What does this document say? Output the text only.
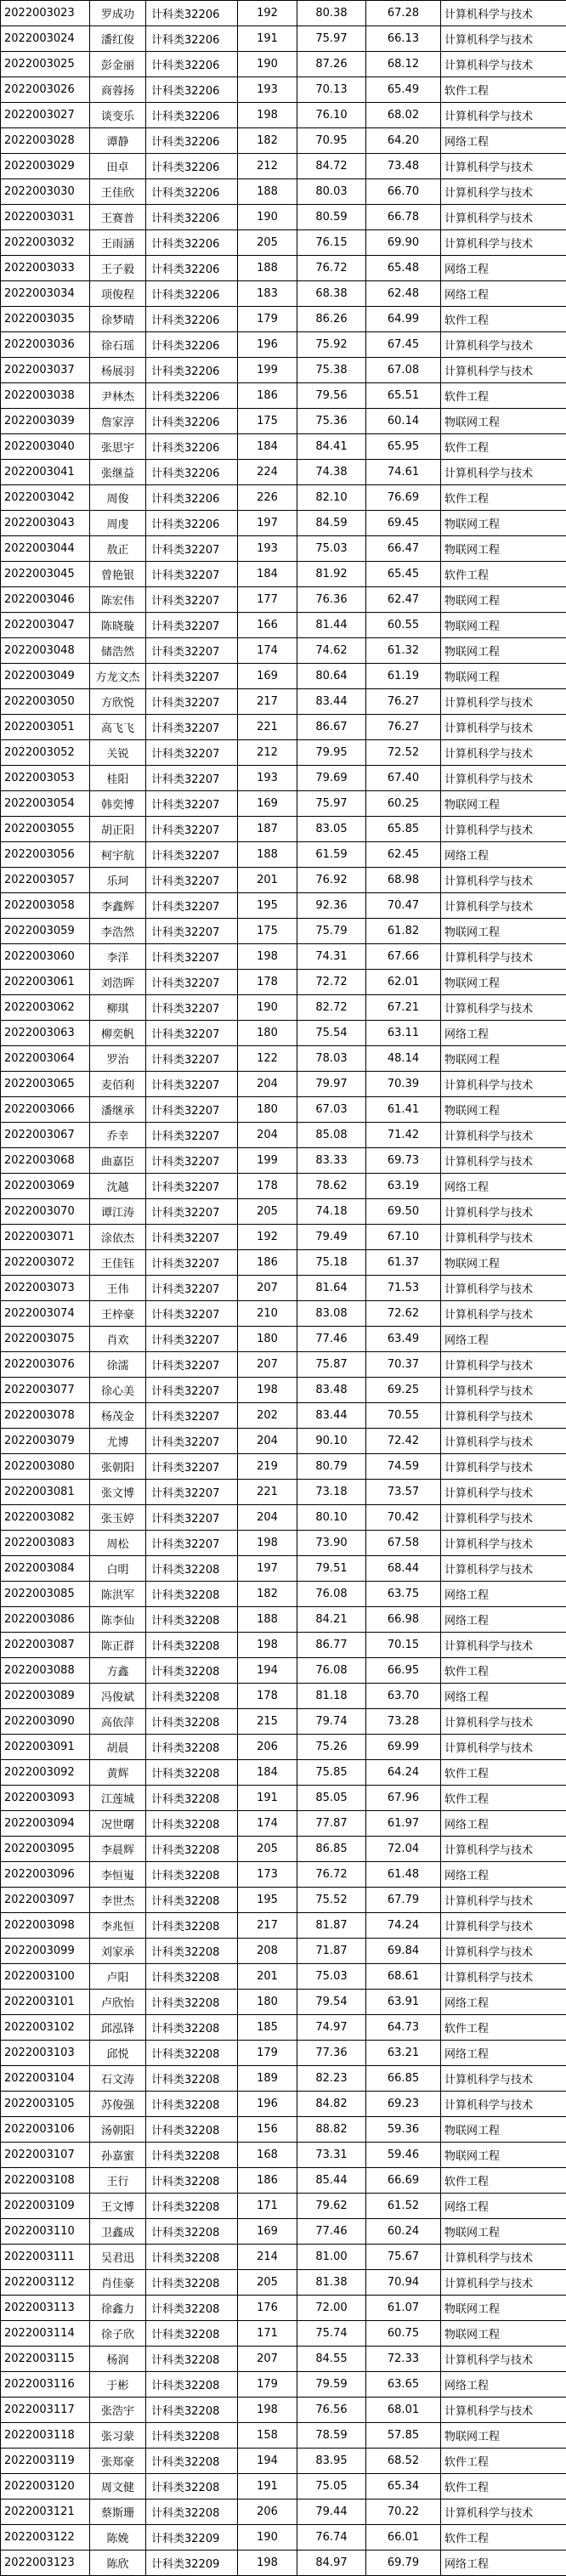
2022003023	罗成功	计科类32206	192	80.38	67.28	计算机科学与技术
2022003024	潘红俊	计科类32206	191	75.97	66.13	计算机科学与技术
2022003025	彭金丽	计科类32206	190	87.26	68.12	计算机科学与技术
2022003026	商蓉扬	计科类32206	193	70.13	65.49	软件工程
2022003027	谈变乐	计科类32206	198	76.10	68.02	计算机科学与技术
2022003028	谭静	计科类32206	182	70.95	64.20	网络工程
2022003029	田卓	计科类32206	212	84.72	73.48	计算机科学与技术
2022003030	王佳欣	计科类32206	188	80.03	66.70	计算机科学与技术
2022003031	王赛普	计科类32206	190	80.59	66.78	计算机科学与技术
2022003032	王雨涵	计科类32206	205	76.15	69.90	计算机科学与技术
2022003033	王子毅	计科类32206	188	76.72	65.48	网络工程
2022003034	项俊程	计科类32206	183	68.38	62.48	网络工程
2022003035	徐梦晴	计科类32206	179	86.26	64.99	软件工程
2022003036	徐石瑶	计科类32206	196	75.92	67.45	计算机科学与技术
2022003037	杨展羽	计科类32206	199	75.38	67.08	计算机科学与技术
2022003038	尹林杰	计科类32206	186	79.56	65.51	软件工程
2022003039	詹家淳	计科类32206	175	75.36	60.14	物联网工程
2022003040	张思宇	计科类32206	184	84.41	65.95	软件工程
2022003041	张继益	计科类32206	224	74.38	74.61	计算机科学与技术
2022003042	周俊	计科类32206	226	82.10	76.69	软件工程
2022003043	周虔	计科类32206	197	84.59	69.45	物联网工程
2022003044	敖正	计科类32207	193	75.03	66.47	物联网工程
2022003045	曾艳银	计科类32207	184	81.92	65.45	软件工程
2022003046	陈宏伟	计科类32207	177	76.36	62.47	物联网工程
2022003047	陈晓璇	计科类32207	166	81.44	60.55	物联网工程
2022003048	储浩然	计科类32207	174	74.62	61.32	物联网工程
2022003049	方龙文杰	计科类32207	169	80.64	61.19	物联网工程
2022003050	方欣悦	计科类32207	217	83.44	76.27	计算机科学与技术
2022003051	高飞飞	计科类32207	221	86.67	76.27	计算机科学与技术
2022003052	关锐	计科类32207	212	79.95	72.52	计算机科学与技术
2022003053	桂阳	计科类32207	193	79.69	67.40	计算机科学与技术
2022003054	韩奕博	计科类32207	169	75.97	60.25	物联网工程
2022003055	胡正阳	计科类32207	187	83.05	65.85	计算机科学与技术
2022003056	柯宇航	计科类32207	188	61.59	62.45	网络工程
2022003057	乐珂	计科类32207	201	76.92	68.98	计算机科学与技术
2022003058	李鑫辉	计科类32207	195	92.36	70.47	计算机科学与技术
2022003059	李浩然	计科类32207	175	75.79	61.82	物联网工程
2022003060	李洋	计科类32207	198	74.31	67.66	计算机科学与技术
2022003061	刘浩晖	计科类32207	178	72.72	62.01	物联网工程
2022003062	柳琪	计科类32207	190	82.72	67.21	计算机科学与技术
2022003063	柳奕帆	计科类32207	180	75.54	63.11	网络工程
2022003064	罗治	计科类32207	122	78.03	48.14	物联网工程
2022003065	麦佰利	计科类32207	204	79.97	70.39	计算机科学与技术
2022003066	潘继承	计科类32207	180	67.03	61.41	物联网工程
2022003067	乔幸	计科类32207	204	85.08	71.42	计算机科学与技术
2022003068	曲嘉臣	计科类32207	199	83.33	69.73	计算机科学与技术
2022003069	沈越	计科类32207	178	78.62	63.19	网络工程
2022003070	谭江涛	计科类32207	205	74.18	69.50	计算机科学与技术
2022003071	涂依杰	计科类32207	192	79.49	67.10	计算机科学与技术
2022003072	王佳钰	计科类32207	186	75.18	61.37	物联网工程
2022003073	王伟	计科类32207	207	81.64	71.53	计算机科学与技术
2022003074	王梓豪	计科类32207	210	83.08	72.62	计算机科学与技术
2022003075	肖欢	计科类32207	180	77.46	63.49	网络工程
2022003076	徐濡	计科类32207	207	75.87	70.37	计算机科学与技术
2022003077	徐心美	计科类32207	198	83.48	69.25	计算机科学与技术
2022003078	杨茂金	计科类32207	202	83.44	70.55	计算机科学与技术
2022003079	尤博	计科类32207	204	90.10	72.42	计算机科学与技术
2022003080	张朝阳	计科类32207	219	80.79	74.59	计算机科学与技术
2022003081	张文博	计科类32207	221	73.18	73.57	计算机科学与技术
2022003082	张玉婷	计科类32207	204	80.10	70.42	计算机科学与技术
2022003083	周松	计科类32207	198	73.90	67.58	计算机科学与技术
2022003084	白明	计科类32208	197	79.51	68.44	计算机科学与技术
2022003085	陈洪军	计科类32208	182	76.08	63.75	网络工程
2022003086	陈李仙	计科类32208	188	84.21	66.98	网络工程
2022003087	陈正群	计科类32208	198	86.77	70.15	计算机科学与技术
2022003088	方鑫	计科类32208	194	76.08	66.95	软件工程
2022003089	冯俊斌	计科类32208	178	81.18	63.70	网络工程
2022003090	高依萍	计科类32208	215	79.74	73.28	计算机科学与技术
2022003091	胡晨	计科类32208	206	75.26	69.99	计算机科学与技术
2022003092	黄辉	计科类32208	184	75.85	64.24	软件工程
2022003093	江莲城	计科类32208	191	85.05	67.96	软件工程
2022003094	况世曙	计科类32208	174	77.87	61.97	网络工程
2022003095	李晨辉	计科类32208	205	86.85	72.04	计算机科学与技术
2022003096	李恒嵬	计科类32208	173	76.72	61.48	网络工程
2022003097	李世杰	计科类32208	195	75.52	67.79	计算机科学与技术
2022003098	李兆恒	计科类32208	217	81.87	74.24	计算机科学与技术
2022003099	刘家承	计科类32208	208	71.87	69.84	计算机科学与技术
2022003100	卢阳	计科类32208	201	75.03	68.61	计算机科学与技术
2022003101	卢欣怡	计科类32208	180	79.54	63.91	网络工程
2022003102	邱泓锋	计科类32208	185	74.97	64.73	软件工程
2022003103	邱悦	计科类32208	179	77.36	63.21	网络工程
2022003104	石文涛	计科类32208	189	82.23	66.85	计算机科学与技术
2022003105	苏俊强	计科类32208	196	84.82	69.23	计算机科学与技术
2022003106	汤朝阳	计科类32208	156	88.82	59.36	物联网工程
2022003107	孙嘉蜜	计科类32208	168	73.31	59.46	物联网工程
2022003108	王行	计科类32208	186	85.44	66.69	软件工程
2022003109	王文博	计科类32208	171	79.62	61.52	网络工程
2022003110	卫鑫成	计科类32208	169	77.46	60.24	物联网工程
2022003111	吴君迅	计科类32208	214	81.00	75.67	计算机科学与技术
2022003112	肖佳豪	计科类32208	205	81.38	70.94	计算机科学与技术
2022003113	徐鑫力	计科类32208	176	72.00	61.07	物联网工程
2022003114	徐子欣	计科类32208	171	75.74	60.75	物联网工程
2022003115	杨润	计科类32208	207	84.55	72.33	计算机科学与技术
2022003116	于彬	计科类32208	179	79.59	63.65	网络工程
2022003117	张浩宇	计科类32208	198	76.56	68.01	计算机科学与技术
2022003118	张习蒙	计科类32208	158	78.59	57.85	物联网工程
2022003119	张郑豪	计科类32208	194	83.95	68.52	软件工程
2022003120	周文健	计科类32208	191	75.05	65.34	软件工程
2022003121	蔡斯珊	计科类32208	206	79.44	70.22	计算机科学与技术
2022003122	陈娩	计科类32209	190	76.74	66.01	软件工程
2022003123	陈欣	计科类32209	198	84.97	69.79	网络工程
